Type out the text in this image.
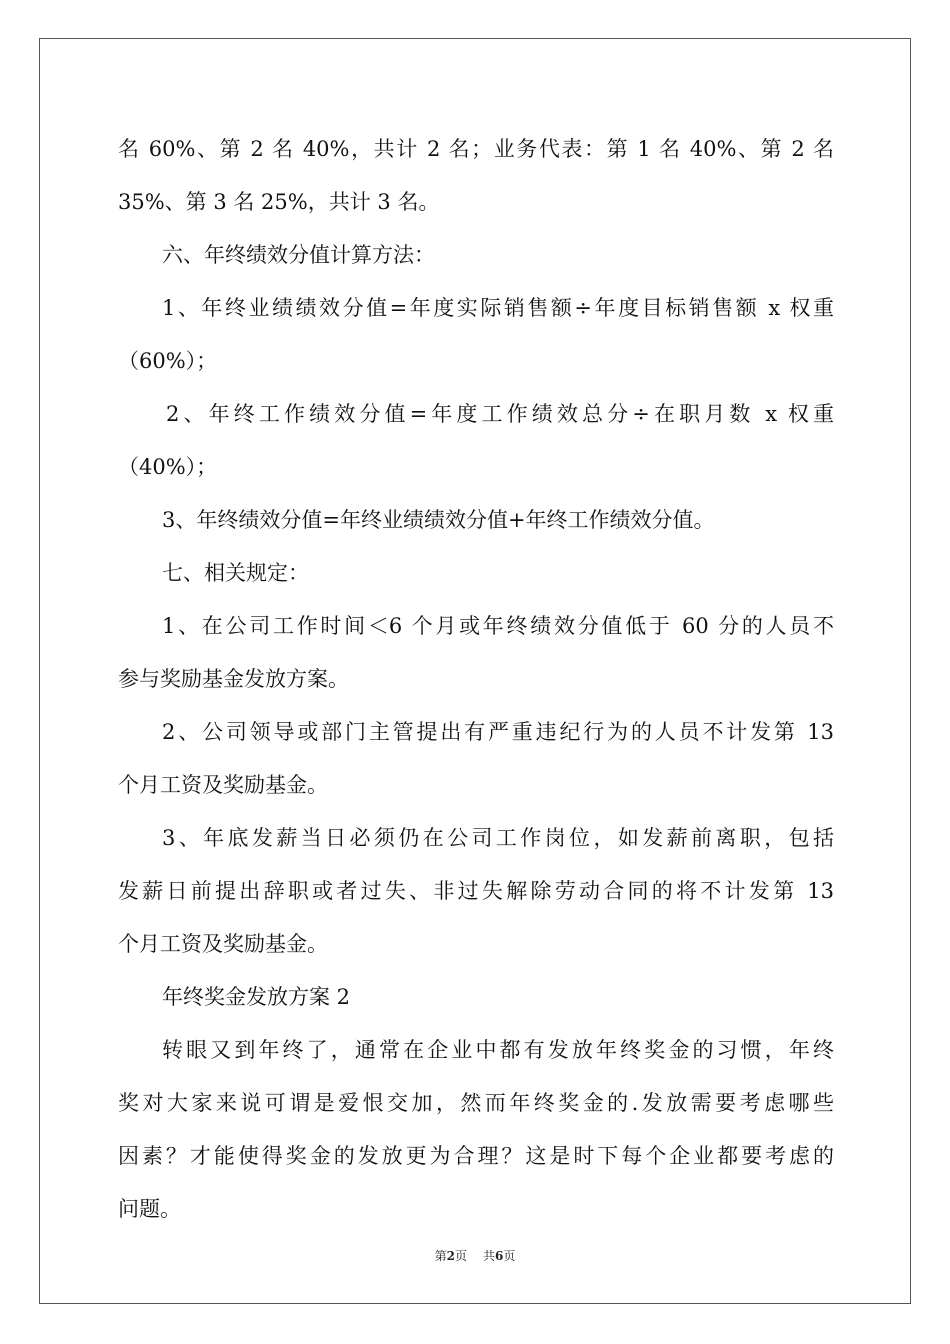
名 60%、第 2 名 40%，共计 2 名；业务代表：第 1 名 40%、第 2 名
35%、第 3 名 25%，共计 3 名。
六、年终绩效分值计算方法：
1、年终业绩绩效分值=年度实际销售额÷年度目标销售额 x 权重
（60%）；
2、年终工作绩效分值=年度工作绩效总分÷在职月数 x 权重
（40%）；
3、年终绩效分值=年终业绩绩效分值+年终工作绩效分值。
七、相关规定：
1、在公司工作时间＜6 个月或年终绩效分值低于 60 分的人员不
参与奖励基金发放方案。
2、公司领导或部门主管提出有严重违纪行为的人员不计发第 13
个月工资及奖励基金。
3、年底发薪当日必须仍在公司工作岗位，如发薪前离职，包括
发薪日前提出辞职或者过失、非过失解除劳动合同的将不计发第 13
个月工资及奖励基金。
年终奖金发放方案 2
转眼又到年终了，通常在企业中都有发放年终奖金的习惯，年终
奖对大家来说可谓是爱恨交加，然而年终奖金的.发放需要考虑哪些
因素？才能使得奖金的发放更为合理？这是时下每个企业都要考虑的
问题。
第2页 共6页
